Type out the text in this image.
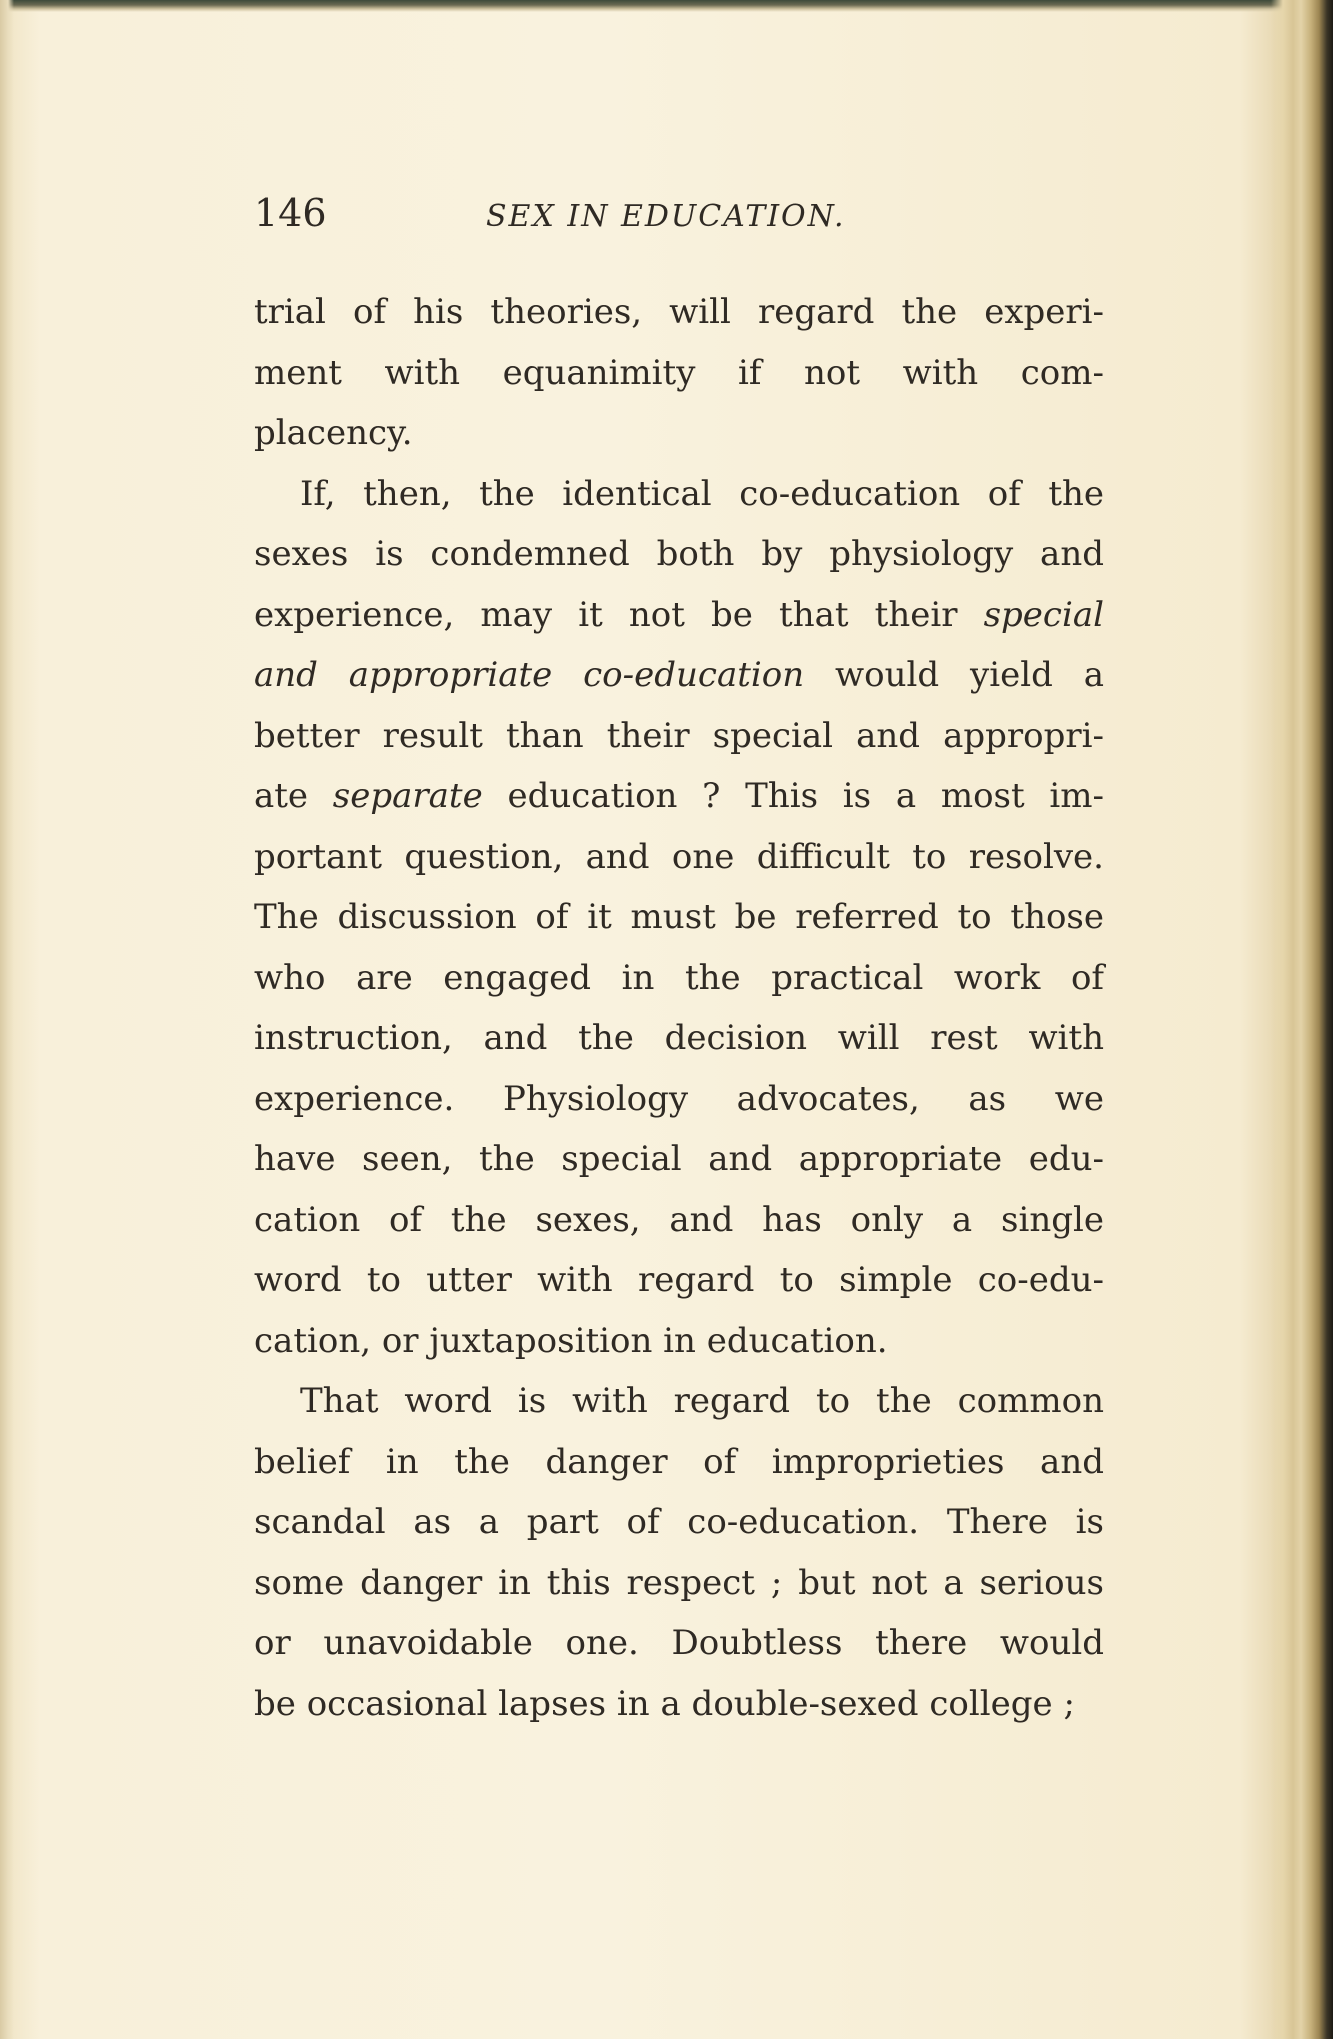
146	SEX IN EDUCATION.
trial of his theories, will regard the experi-
ment with equanimity if not with com-
placency.
If, then, the identical co-education of the
sexes is condemned both by physiology and
experience, may it not be that their special
and appropriate co-education would yield a
better result than their special and appropri-
ate separate education ? This is a most im-
portant question, and one difficult to resolve.
The discussion of it must be referred to those
who are engaged in the practical work of
instruction, and the decision will rest with
experience. Physiology advocates, as we
have seen, the special and appropriate edu-
cation of the sexes, and has only a single
word to utter with regard to simple co-edu-
cation, or juxtaposition in education.
That word is with regard to the common
belief in the danger of improprieties and
scandal as a part of co-education. There is
some danger in this respect ; but not a serious
or unavoidable one. Doubtless there would
be occasional lapses in a double-sexed college ;
